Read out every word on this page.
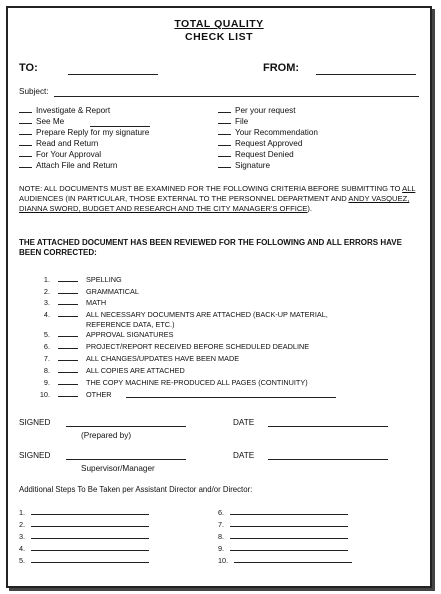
TOTAL QUALITY
CHECK LIST
TO:	FROM:
Subject:
Investigate & Report
See Me
Prepare Reply for my signature
Read and Return
For Your Approval
Attach File and Return
Per your request
File
Your Recommendation
Request Approved
Request Denied
Signature
NOTE: ALL DOCUMENTS MUST BE EXAMINED FOR THE FOLLOWING CRITERIA BEFORE SUBMITTING TO ALL AUDIENCES (IN PARTICULAR, THOSE EXTERNAL TO THE PERSONNEL DEPARTMENT AND ANDY VASQUEZ, DIANNA SWORD, BUDGET AND RESEARCH AND THE CITY MANAGER'S OFFICE).
THE ATTACHED DOCUMENT HAS BEEN REVIEWED FOR THE FOLLOWING AND ALL ERRORS HAVE BEEN CORRECTED:
1.	SPELLING
2.	GRAMMATICAL
3.	MATH
4.	ALL NECESSARY DOCUMENTS ARE ATTACHED (BACK-UP MATERIAL,
REFERENCE DATA, ETC.)
5.	APPROVAL SIGNATURES
6.	PROJECT/REPORT RECEIVED BEFORE SCHEDULED DEADLINE
7.	ALL CHANGES/UPDATES HAVE BEEN MADE
8.	ALL COPIES ARE ATTACHED
9.	THE COPY MACHINE RE-PRODUCED ALL PAGES (CONTINUITY)
10.	OTHER
SIGNED
(Prepared by)
DATE
SIGNED
Supervisor/Manager
DATE
Additional Steps To Be Taken per Assistant Director and/or Director:
1.
2.
3.
4.
5.
6.
7.
8.
9.
10.
